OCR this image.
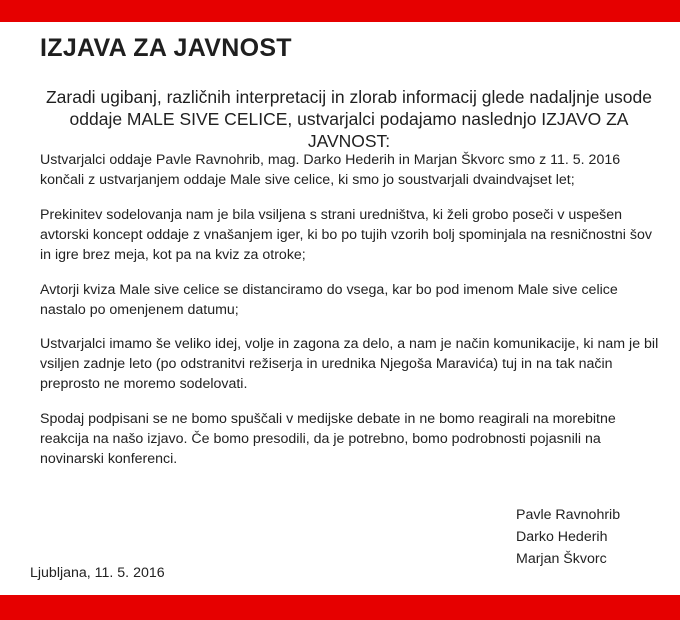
IZJAVA ZA JAVNOST
Zaradi ugibanj, različnih interpretacij in zlorab informacij glede nadaljnje usode oddaje MALE SIVE CELICE, ustvarjalci podajamo naslednjo IZJAVO ZA JAVNOST:
Ustvarjalci oddaje Pavle Ravnohrib, mag. Darko Hederih in Marjan Škvorc smo z 11. 5. 2016 končali z ustvarjanjem oddaje Male sive celice, ki smo jo soustvarjali dvaindvajset let;
Prekinitev sodelovanja nam je bila vsiljena s strani uredništva, ki želi grobo poseči v uspešen avtorski koncept oddaje z vnašanjem iger, ki bo po tujih vzorih bolj spominjala na resničnostni šov in igre brez meja, kot pa na kviz za otroke;
Avtorji kviza Male sive celice se distanciramo do vsega, kar bo pod imenom Male sive celice nastalo po omenjenem datumu;
Ustvarjalci imamo še veliko idej, volje in zagona za delo, a nam je način komunikacije, ki nam je bil vsiljen zadnje leto (po odstranitvi režiserja in urednika Njegoša Maravića) tuj in na tak način preprosto ne moremo sodelovati.
Spodaj podpisani se ne bomo spuščali v medijske debate in ne bomo reagirali na morebitne reakcija na našo izjavo. Če bomo presodili, da je potrebno, bomo podrobnosti pojasnili na novinarski konferenci.
Pavle Ravnohrib
Darko Hederih
Marjan Škvorc
Ljubljana, 11. 5. 2016
